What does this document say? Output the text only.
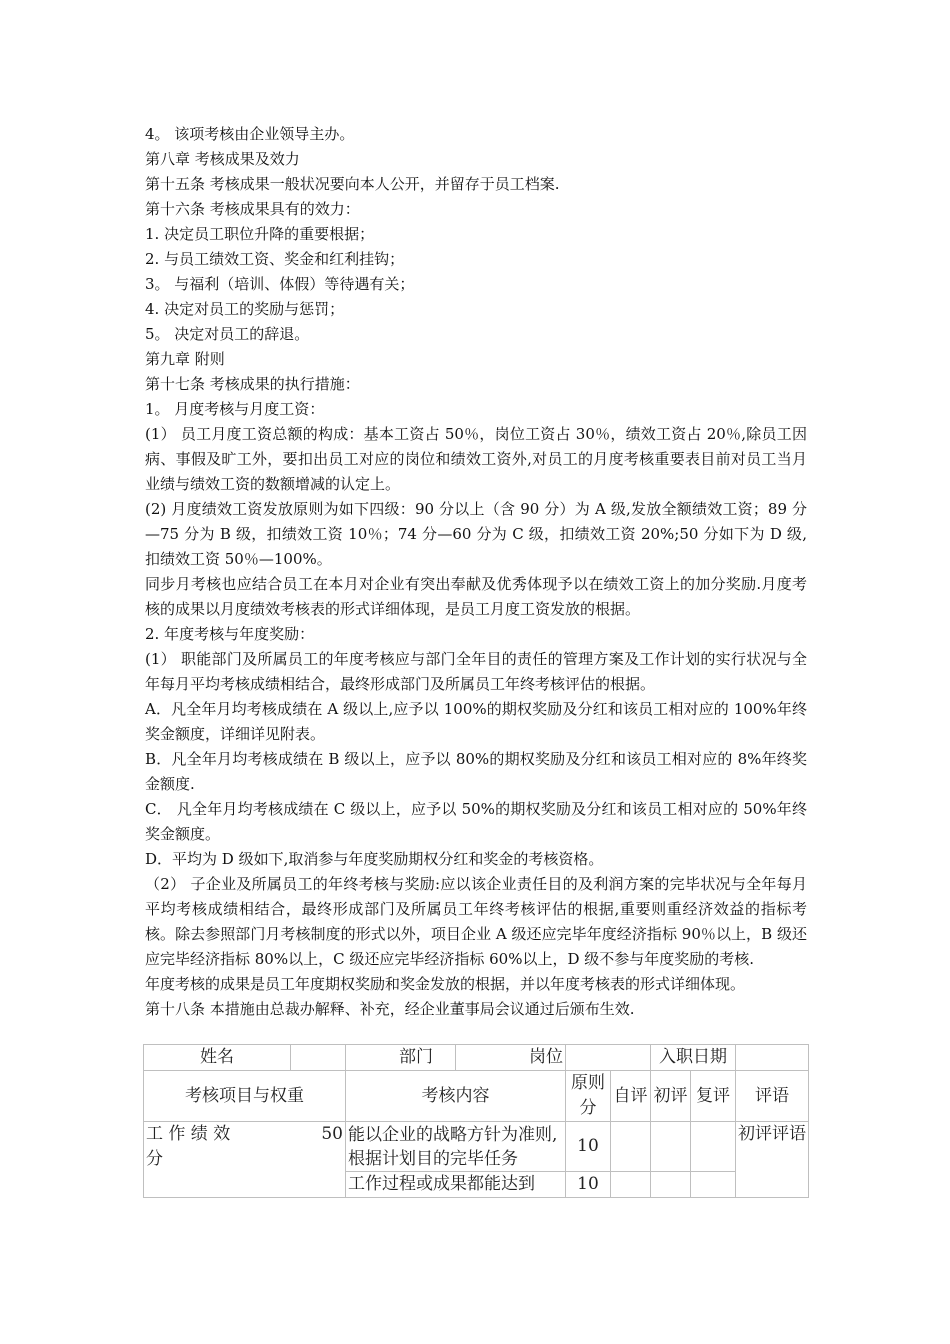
4。 该项考核由企业领导主办。
第八章 考核成果及效力
第十五条 考核成果一般状况要向本人公开，并留存于员工档案.
第十六条 考核成果具有的效力：
1. 决定员工职位升降的重要根据；
2. 与员工绩效工资、奖金和红利挂钩；
3。 与福利（培训、体假）等待遇有关；
4. 决定对员工的奖励与惩罚；
5。 决定对员工的辞退。
第九章 附则
第十七条 考核成果的执行措施：
1。 月度考核与月度工资：
(1） 员工月度工资总额的构成：基本工资占 50％，岗位工资占 30％，绩效工资占 20％,除员工因病、事假及旷工外，要扣出员工对应的岗位和绩效工资外,对员工的月度考核重要表目前对员工当月业绩与绩效工资的数额增减的认定上。
(2) 月度绩效工资发放原则为如下四级：90 分以上（含 90 分）为 A 级,发放全额绩效工资；89 分—75 分为 B 级，扣绩效工资 10％；74 分—60 分为 C 级，扣绩效工资 20%;50 分如下为 D 级,扣绩效工资 50％—100%。
同步月考核也应结合员工在本月对企业有突出奉献及优秀体现予以在绩效工资上的加分奖励.月度考核的成果以月度绩效考核表的形式详细体现，是员工月度工资发放的根据。
2. 年度考核与年度奖励：
(1） 职能部门及所属员工的年度考核应与部门全年目的责任的管理方案及工作计划的实行状况与全年每月平均考核成绩相结合，最终形成部门及所属员工年终考核评估的根据。
A．凡全年月均考核成绩在 A 级以上,应予以 100%的期权奖励及分红和该员工相对应的 100%年终奖金额度，详细详见附表。
B．凡全年月均考核成绩在 B 级以上，应予以 80%的期权奖励及分红和该员工相对应的 8%年终奖金额度.
C． 凡全年月均考核成绩在 C 级以上，应予以 50%的期权奖励及分红和该员工相对应的 50%年终奖金额度。
D．平均为 D 级如下,取消参与年度奖励期权分红和奖金的考核资格。
（2） 子企业及所属员工的年终考核与奖励:应以该企业责任目的及利润方案的完毕状况与全年每月平均考核成绩相结合，最终形成部门及所属员工年终考核评估的根据,重要则重经济效益的指标考核。除去参照部门月考核制度的形式以外，项目企业 A 级还应完毕年度经济指标 90％以上，B 级还应完毕经济指标 80%以上，C 级还应完毕经济指标 60%以上，D 级不参与年度奖励的考核.
年度考核的成果是员工年度期权奖励和奖金发放的根据，并以年度考核表的形式详细体现。
第十八条 本措施由总裁办解释、补充，经企业董事局会议通过后颁布生效.
姓名		部门	岗位			入职日期		
考核项目与权重		考核内容		原则分	自评	初评	复评	评语

工 作 绩 效 50
分		能以企业的战略方针为准则,根据计划目的完毕任务		10				初评评语
		工作过程或成果都能达到		10				
